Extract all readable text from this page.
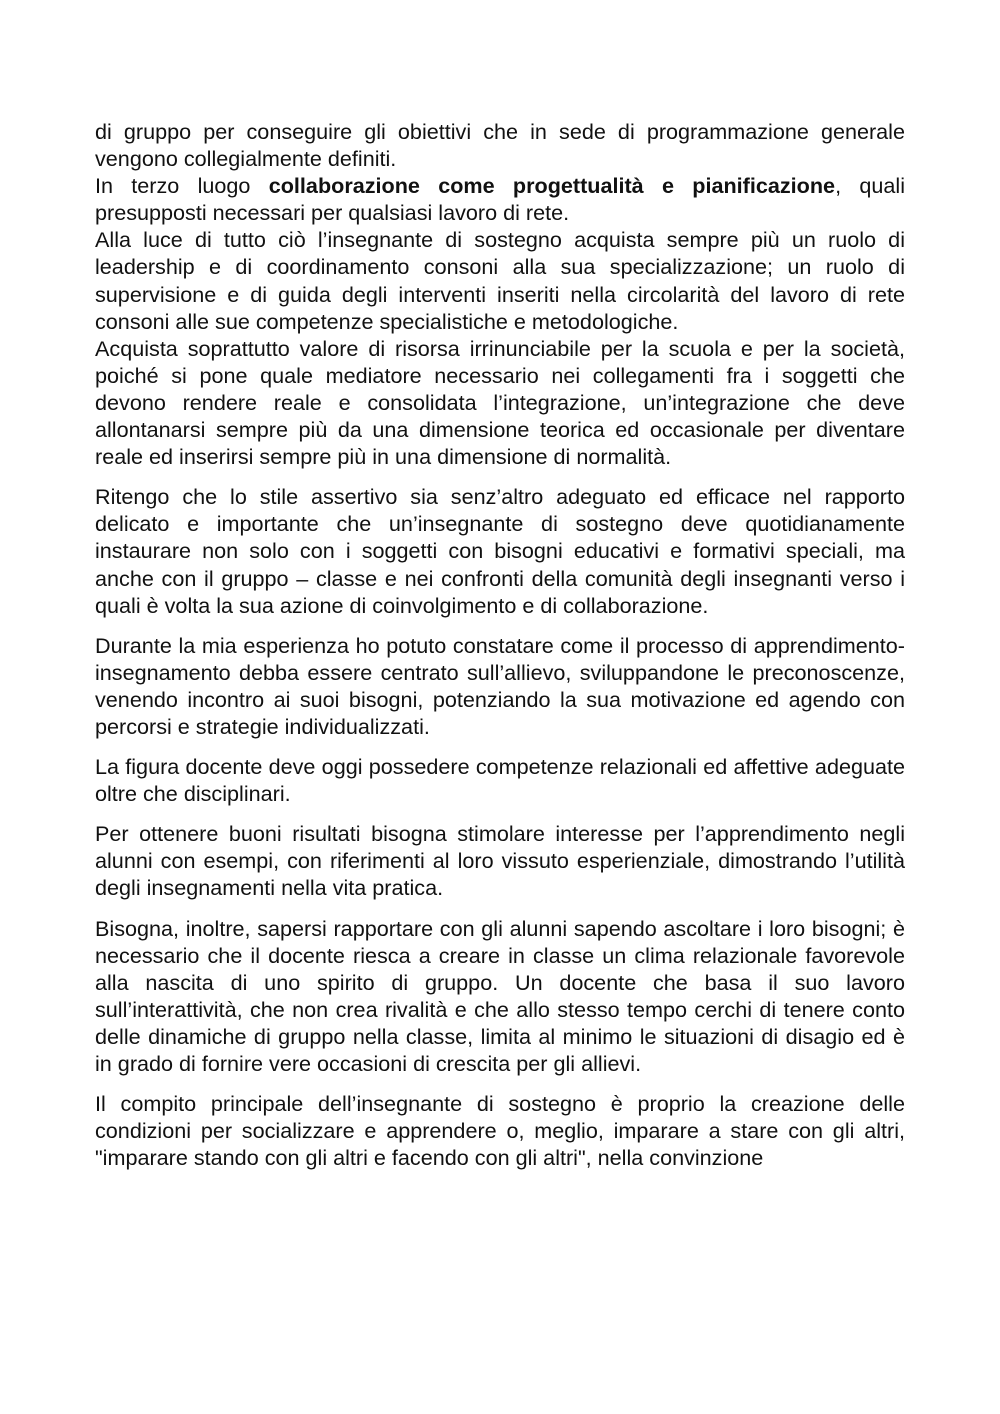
di gruppo per conseguire gli obiettivi che in sede di programmazione generale vengono collegialmente definiti.

In terzo luogo collaborazione come progettualità e pianificazione, quali presupposti necessari per qualsiasi lavoro di rete.

Alla luce di tutto ciò l’insegnante di sostegno acquista sempre più un ruolo di leadership e di coordinamento consoni alla sua specializzazione; un ruolo di supervisione e di guida degli interventi inseriti nella circolarità del lavoro di rete consoni alle sue competenze specialistiche e metodologiche.

Acquista soprattutto valore di risorsa irrinunciabile per la scuola e per la società, poiché si pone quale mediatore necessario nei collegamenti fra i soggetti che devono rendere reale e consolidata l’integrazione, un’integrazione che deve allontanarsi sempre più da una dimensione teorica ed occasionale per diventare reale ed inserirsi sempre più in una dimensione di normalità.

Ritengo che lo stile assertivo sia senz’altro adeguato ed efficace nel rapporto delicato e importante che un’insegnante di sostegno deve quotidianamente instaurare non solo con i soggetti con bisogni educativi e formativi speciali, ma anche con il gruppo – classe e nei confronti della comunità degli insegnanti verso i quali è volta la sua azione di coinvolgimento e di collaborazione.

Durante la mia esperienza ho potuto constatare come il processo di apprendimento-insegnamento debba essere centrato sull’allievo, sviluppandone le preconoscenze, venendo incontro ai suoi bisogni, potenziando la sua motivazione ed agendo con percorsi e strategie individualizzati.

La figura docente deve oggi possedere competenze relazionali ed affettive adeguate oltre che disciplinari.

Per ottenere buoni risultati bisogna stimolare interesse per l’apprendimento negli alunni con esempi, con riferimenti al loro vissuto esperienziale, dimostrando l’utilità degli insegnamenti nella vita pratica.

Bisogna, inoltre, sapersi rapportare con gli alunni sapendo ascoltare i loro bisogni; è necessario che il docente riesca a creare in classe un clima relazionale favorevole alla nascita di uno spirito di gruppo. Un docente che basa il suo lavoro sull’interattività, che non crea rivalità e che allo stesso tempo cerchi di tenere conto delle dinamiche di gruppo nella classe, limita al minimo le situazioni di disagio ed è in grado di fornire vere occasioni di crescita per gli allievi.

Il compito principale dell’insegnante di sostegno è proprio la creazione delle condizioni per socializzare e apprendere o, meglio, imparare a stare con gli altri, "imparare stando con gli altri e facendo con gli altri", nella convinzione
